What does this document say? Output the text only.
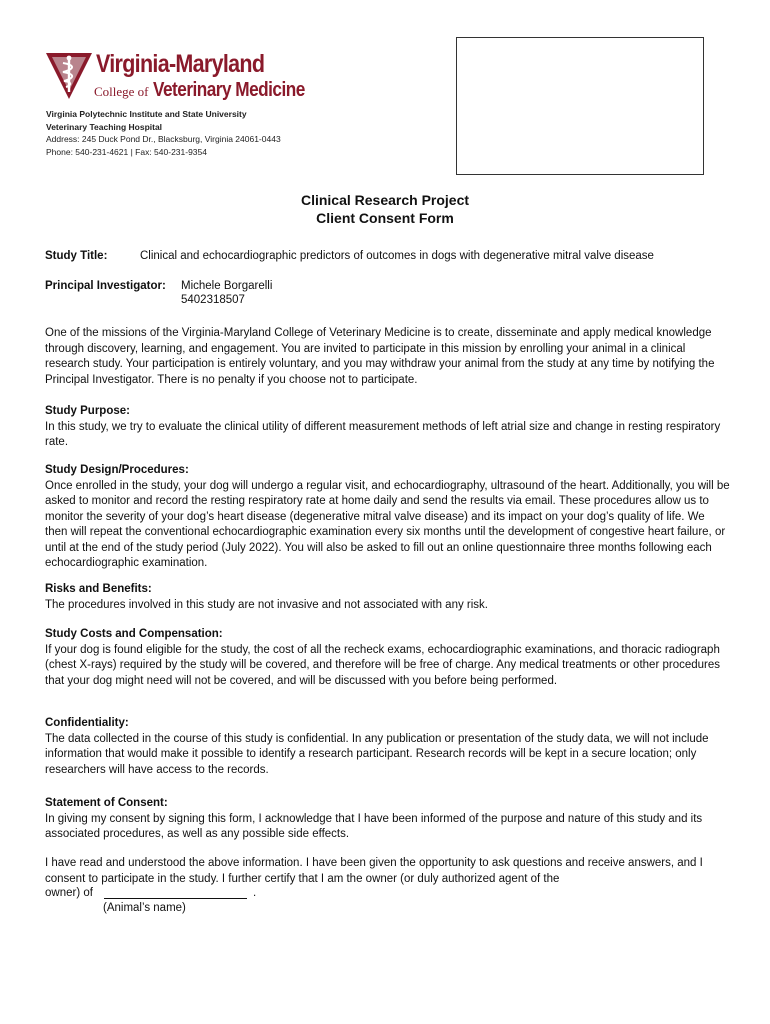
Virginia-Maryland
College of Veterinary Medicine
Virginia Polytechnic Institute and State University
Veterinary Teaching Hospital
Address: 245 Duck Pond Dr., Blacksburg, Virginia 24061-0443
Phone: 540-231-4621 | Fax: 540-231-9354
Clinical Research Project
Client Consent Form
Study Title:	Clinical and echocardiographic predictors of outcomes in dogs with degenerative mitral valve disease
Principal Investigator: Michele Borgarelli
5402318507
One of the missions of the Virginia-Maryland College of Veterinary Medicine is to create, disseminate and apply medical knowledge through discovery, learning, and engagement. You are invited to participate in this mission by enrolling your animal in a clinical research study. Your participation is entirely voluntary, and you may withdraw your animal from the study at any time by notifying the Principal Investigator. There is no penalty if you choose not to participate.
Study Purpose:
In this study, we try to evaluate the clinical utility of different measurement methods of left atrial size and change in resting respiratory rate.
Study Design/Procedures:
Once enrolled in the study, your dog will undergo a regular visit, and echocardiography, ultrasound of the heart. Additionally, you will be asked to monitor and record the resting respiratory rate at home daily and send the results via email. These procedures allow us to monitor the severity of your dog’s heart disease (degenerative mitral valve disease) and its impact on your dog’s quality of life. We then will repeat the conventional echocardiographic examination every six months until the development of congestive heart failure, or until at the end of the study period (July 2022). You will also be asked to fill out an online questionnaire three months following each echocardiographic examination.
Risks and Benefits:
The procedures involved in this study are not invasive and not associated with any risk.
Study Costs and Compensation:
If your dog is found eligible for the study, the cost of all the recheck exams, echocardiographic examinations, and thoracic radiograph (chest X-rays) required by the study will be covered, and therefore will be free of charge. Any medical treatments or other procedures that your dog might need will not be covered, and will be discussed with you before being performed.
Confidentiality:
The data collected in the course of this study is confidential. In any publication or presentation of the study data, we will not include information that would make it possible to identify a research participant. Research records will be kept in a secure location; only researchers will have access to the records.
Statement of Consent:
In giving my consent by signing this form, I acknowledge that I have been informed of the purpose and nature of this study and its associated procedures, as well as any possible side effects.
I have read and understood the above information. I have been given the opportunity to ask questions and receive answers, and I consent to participate in the study. I further certify that I am the owner (or duly authorized agent of the
owner) of	.
(Animal’s name)
